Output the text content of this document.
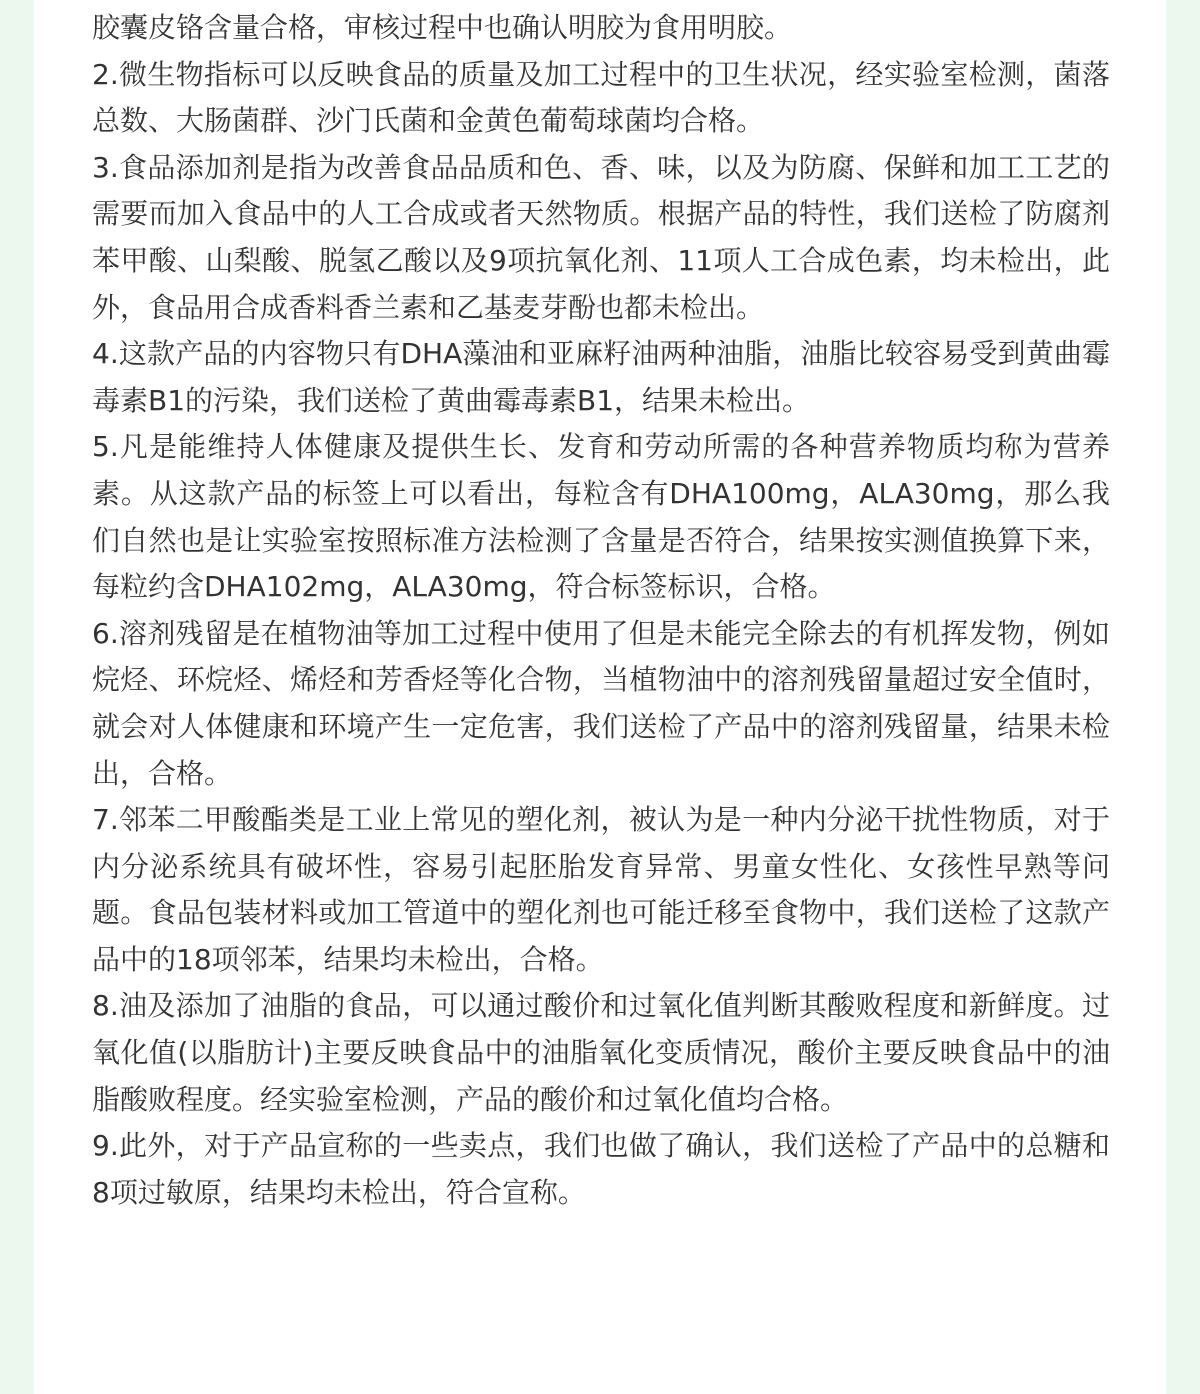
胶囊皮铬含量合格，审核过程中也确认明胶为食用明胶。

2.微生物指标可以反映食品的质量及加工过程中的卫生状况，经实验室检测，菌落总数、大肠菌群、沙门氏菌和金黄色葡萄球菌均合格。

3.食品添加剂是指为改善食品品质和色、香、味，以及为防腐、保鲜和加工工艺的需要而加入食品中的人工合成或者天然物质。根据产品的特性，我们送检了防腐剂苯甲酸、山梨酸、脱氢乙酸以及9项抗氧化剂、11项人工合成色素，均未检出，此外，食品用合成香料香兰素和乙基麦芽酚也都未检出。

4.这款产品的内容物只有DHA藻油和亚麻籽油两种油脂，油脂比较容易受到黄曲霉毒素B1的污染，我们送检了黄曲霉毒素B1，结果未检出。

5.凡是能维持人体健康及提供生长、发育和劳动所需的各种营养物质均称为营养素。从这款产品的标签上可以看出，每粒含有DHA100mg，ALA30mg，那么我们自然也是让实验室按照标准方法检测了含量是否符合，结果按实测值换算下来，每粒约含DHA102mg，ALA30mg，符合标签标识，合格。

6.溶剂残留是在植物油等加工过程中使用了但是未能完全除去的有机挥发物，例如烷烃、环烷烃、烯烃和芳香烃等化合物，当植物油中的溶剂残留量超过安全值时，就会对人体健康和环境产生一定危害，我们送检了产品中的溶剂残留量，结果未检出，合格。

7.邻苯二甲酸酯类是工业上常见的塑化剂，被认为是一种内分泌干扰性物质，对于内分泌系统具有破坏性，容易引起胚胎发育异常、男童女性化、女孩性早熟等问题。食品包装材料或加工管道中的塑化剂也可能迁移至食物中，我们送检了这款产品中的18项邻苯，结果均未检出，合格。

8.油及添加了油脂的食品，可以通过酸价和过氧化值判断其酸败程度和新鲜度。过氧化值(以脂肪计)主要反映食品中的油脂氧化变质情况，酸价主要反映食品中的油脂酸败程度。经实验室检测，产品的酸价和过氧化值均合格。

9.此外，对于产品宣称的一些卖点，我们也做了确认，我们送检了产品中的总糖和8项过敏原，结果均未检出，符合宣称。
